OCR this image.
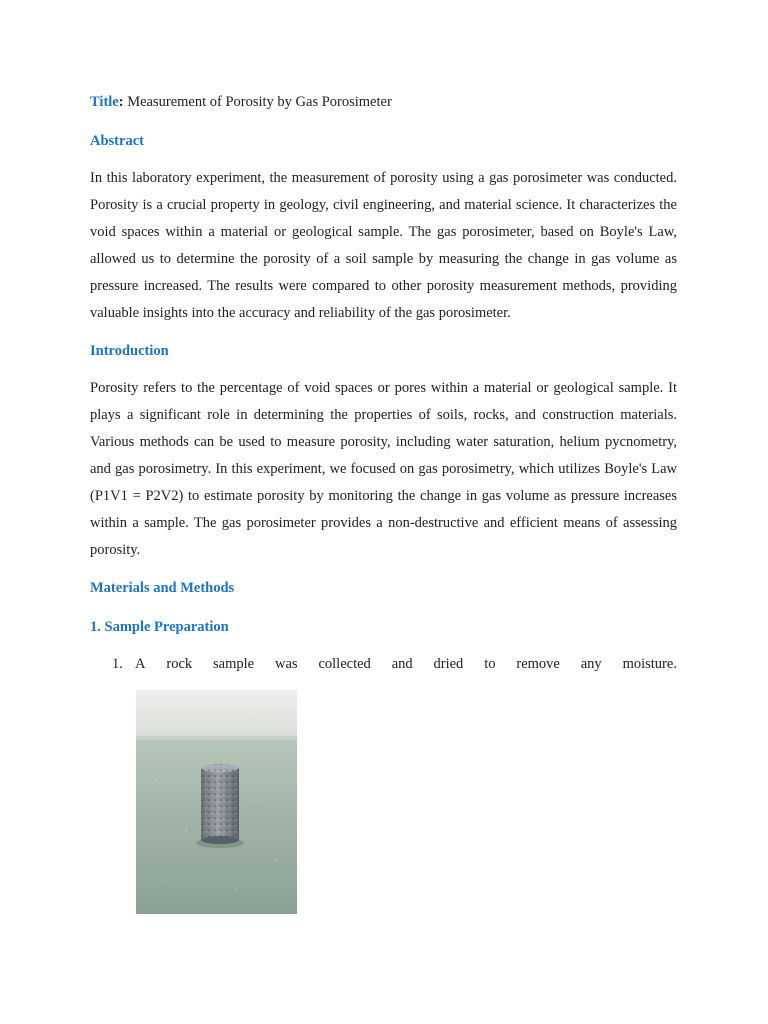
Title: Measurement of Porosity by Gas Porosimeter

Abstract

In this laboratory experiment, the measurement of porosity using a gas porosimeter was conducted. Porosity is a crucial property in geology, civil engineering, and material science. It characterizes the void spaces within a material or geological sample. The gas porosimeter, based on Boyle's Law, allowed us to determine the porosity of a soil sample by measuring the change in gas volume as pressure increased. The results were compared to other porosity measurement methods, providing valuable insights into the accuracy and reliability of the gas porosimeter.

Introduction

Porosity refers to the percentage of void spaces or pores within a material or geological sample. It plays a significant role in determining the properties of soils, rocks, and construction materials. Various methods can be used to measure porosity, including water saturation, helium pycnometry, and gas porosimetry. In this experiment, we focused on gas porosimetry, which utilizes Boyle's Law (P1V1 = P2V2) to estimate porosity by monitoring the change in gas volume as pressure increases within a sample. The gas porosimeter provides a non-destructive and efficient means of assessing porosity.

Materials and Methods

1. Sample Preparation

1. A rock sample was collected and dried to remove any moisture.
